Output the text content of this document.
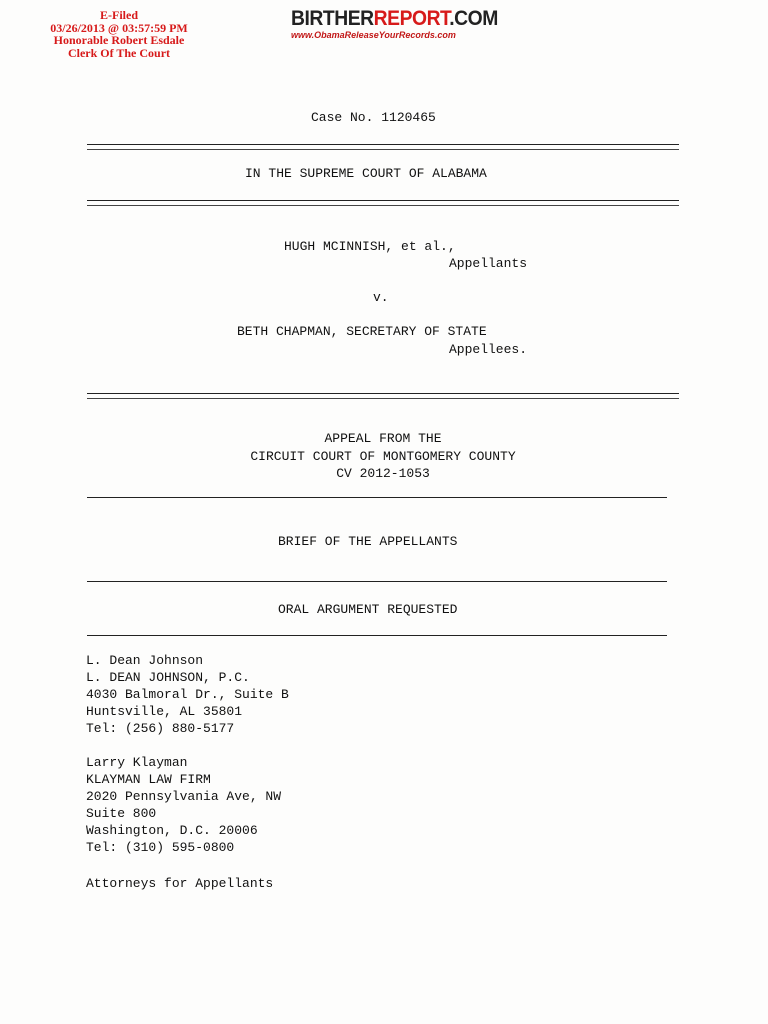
E-Filed
03/26/2013 @ 03:57:59 PM
Honorable Robert Esdale
Clerk Of The Court
BIRTHERREPORT.COM
www.ObamaReleaseYourRecords.com
Case No. 1120465
IN THE SUPREME COURT OF ALABAMA
HUGH MCINNISH, et al.,
Appellants
v.
BETH CHAPMAN, SECRETARY OF STATE
Appellees.
APPEAL FROM THE
CIRCUIT COURT OF MONTGOMERY COUNTY
CV 2012-1053
BRIEF OF THE APPELLANTS
ORAL ARGUMENT REQUESTED
L. Dean Johnson
L. DEAN JOHNSON, P.C.
4030 Balmoral Dr., Suite B
Huntsville, AL 35801
Tel: (256) 880-5177
Larry Klayman
KLAYMAN LAW FIRM
2020 Pennsylvania Ave, NW
Suite 800
Washington, D.C. 20006
Tel: (310) 595-0800
Attorneys for Appellants
